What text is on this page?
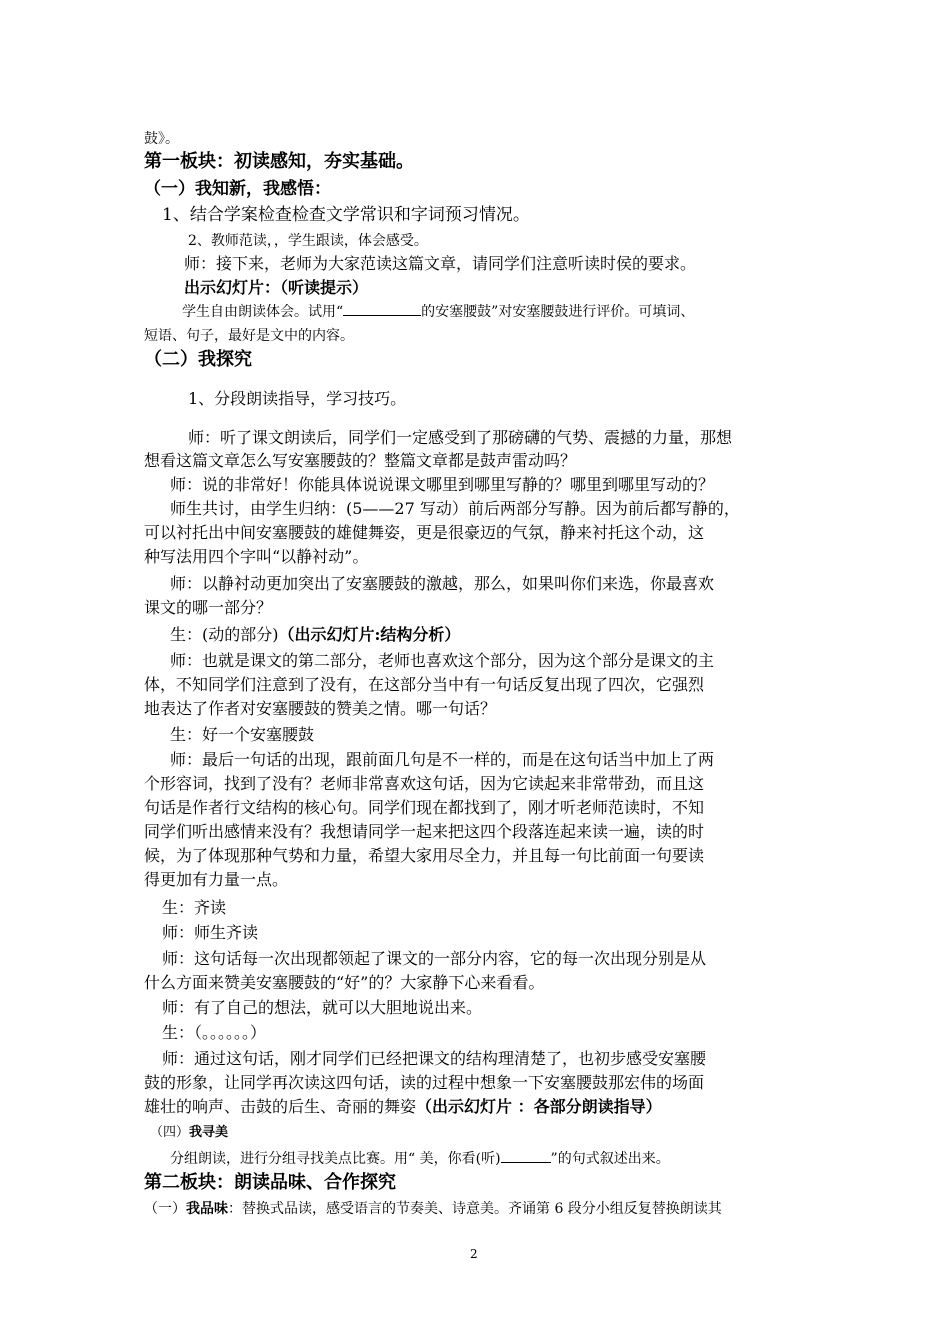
鼓》。
第一板块：初读感知，夯实基础。
（一）我知新，我感悟：
1、结合学案检查检查文学常识和字词预习情况。
2、教师范读，，学生跟读，体会感受。
师：接下来，老师为大家范读这篇文章，请同学们注意听读时侯的要求。
出示幻灯片：（听读提示）
学生自由朗读体会。试用“	的安塞腰鼓”对安塞腰鼓进行评价。可填词、
短语、句子，最好是文中的内容。
（二）我探究
1、分段朗读指导，学习技巧。
师：听了课文朗读后，同学们一定感受到了那磅礴的气势、震撼的力量，那想
想看这篇文章怎么写安塞腰鼓的？整篇文章都是鼓声雷动吗？
师：说的非常好！你能具体说说课文哪里到哪里写静的？哪里到哪里写动的？
师生共讨，由学生归纳：(5——27 写动）前后两部分写静。因为前后都写静的，
可以衬托出中间安塞腰鼓的雄健舞姿，更是很豪迈的气氛，静来衬托这个动，这
种写法用四个字叫“以静衬动”。
师：以静衬动更加突出了安塞腰鼓的激越，那么，如果叫你们来选，你最喜欢
课文的哪一部分？
生：(动的部分)（出示幻灯片:结构分析）
师：也就是课文的第二部分，老师也喜欢这个部分，因为这个部分是课文的主
体，不知同学们注意到了没有，在这部分当中有一句话反复出现了四次，它强烈
地表达了作者对安塞腰鼓的赞美之情。哪一句话？
生：好一个安塞腰鼓
师：最后一句话的出现，跟前面几句是不一样的，而是在这句话当中加上了两
个形容词，找到了没有？老师非常喜欢这句话，因为它读起来非常带劲，而且这
句话是作者行文结构的核心句。同学们现在都找到了，刚才听老师范读时，不知
同学们听出感情来没有？我想请同学一起来把这四个段落连起来读一遍，读的时
候，为了体现那种气势和力量，希望大家用尽全力，并且每一句比前面一句要读
得更加有力量一点。
生：齐读
师：师生齐读
师：这句话每一次出现都领起了课文的一部分内容，它的每一次出现分别是从
什么方面来赞美安塞腰鼓的“好”的？大家静下心来看看。
师：有了自己的想法，就可以大胆地说出来。
生：（。。。。。。）
师：通过这句话，刚才同学们已经把课文的结构理清楚了，也初步感受安塞腰
鼓的形象，让同学再次读这四句话，读的过程中想象一下安塞腰鼓那宏伟的场面
雄壮的响声、击鼓的后生、奇丽的舞姿（出示幻灯片 ：各部分朗读指导）
（四）我寻美
分组朗读，进行分组寻找美点比赛。用“ 美，你看(听)	”的句式叙述出来。
第二板块：朗读品味、合作探究
（一）我品味：替换式品读，感受语言的节奏美、诗意美。齐诵第 6 段分小组反复替换朗读其
2
